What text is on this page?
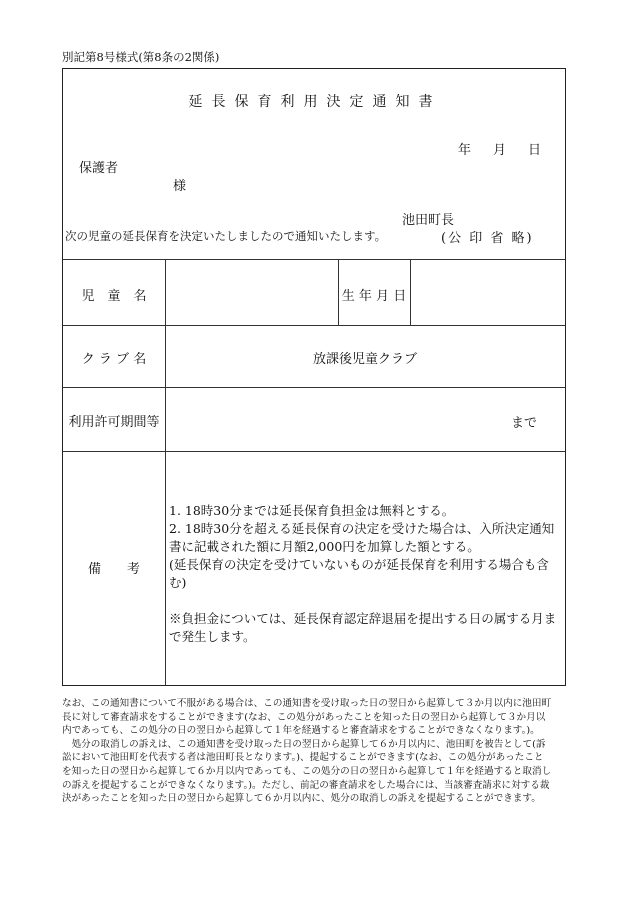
別記第8号様式(第8条の2関係)
延長保育利用決定通知書
年 月 日
保護者
様
池田町長
次の児童の延長保育を決定いたしましたので通知いたします。	(公 印 省 略)
児　童　名	生 年 月 日
ク ラ ブ 名	放課後児童クラブ
利用許可期間等	まで
備　　考

1. 18時30分までは延長保育負担金は無料とする。

2. 18時30分を超える延長保育の決定を受けた場合は、入所決定通知書に記載された額に月額2,000円を加算した額とする。

(延長保育の決定を受けていないものが延長保育を利用する場合も含む)

※負担金については、延長保育認定辞退届を提出する日の属する月まで発生します。

なお、この通知書について不服がある場合は、この通知書を受け取った日の翌日から起算して３か月以内に池田町長に対して審査請求をすることができます(なお、この処分があったことを知った日の翌日から起算して３か月以内であっても、この処分の日の翌日から起算して１年を経過すると審査請求をすることができなくなります。)。

　処分の取消しの訴えは、この通知書を受け取った日の翌日から起算して６か月以内に、池田町を被告として(訴訟において池田町を代表する者は池田町長となります。)、提起することができます(なお、この処分があったことを知った日の翌日から起算して６か月以内であっても、この処分の日の翌日から起算して１年を経過すると取消しの訴えを提起することができなくなります。)。ただし、前記の審査請求をした場合には、当該審査請求に対する裁決があったことを知った日の翌日から起算して６か月以内に、処分の取消しの訴えを提起することができます。
